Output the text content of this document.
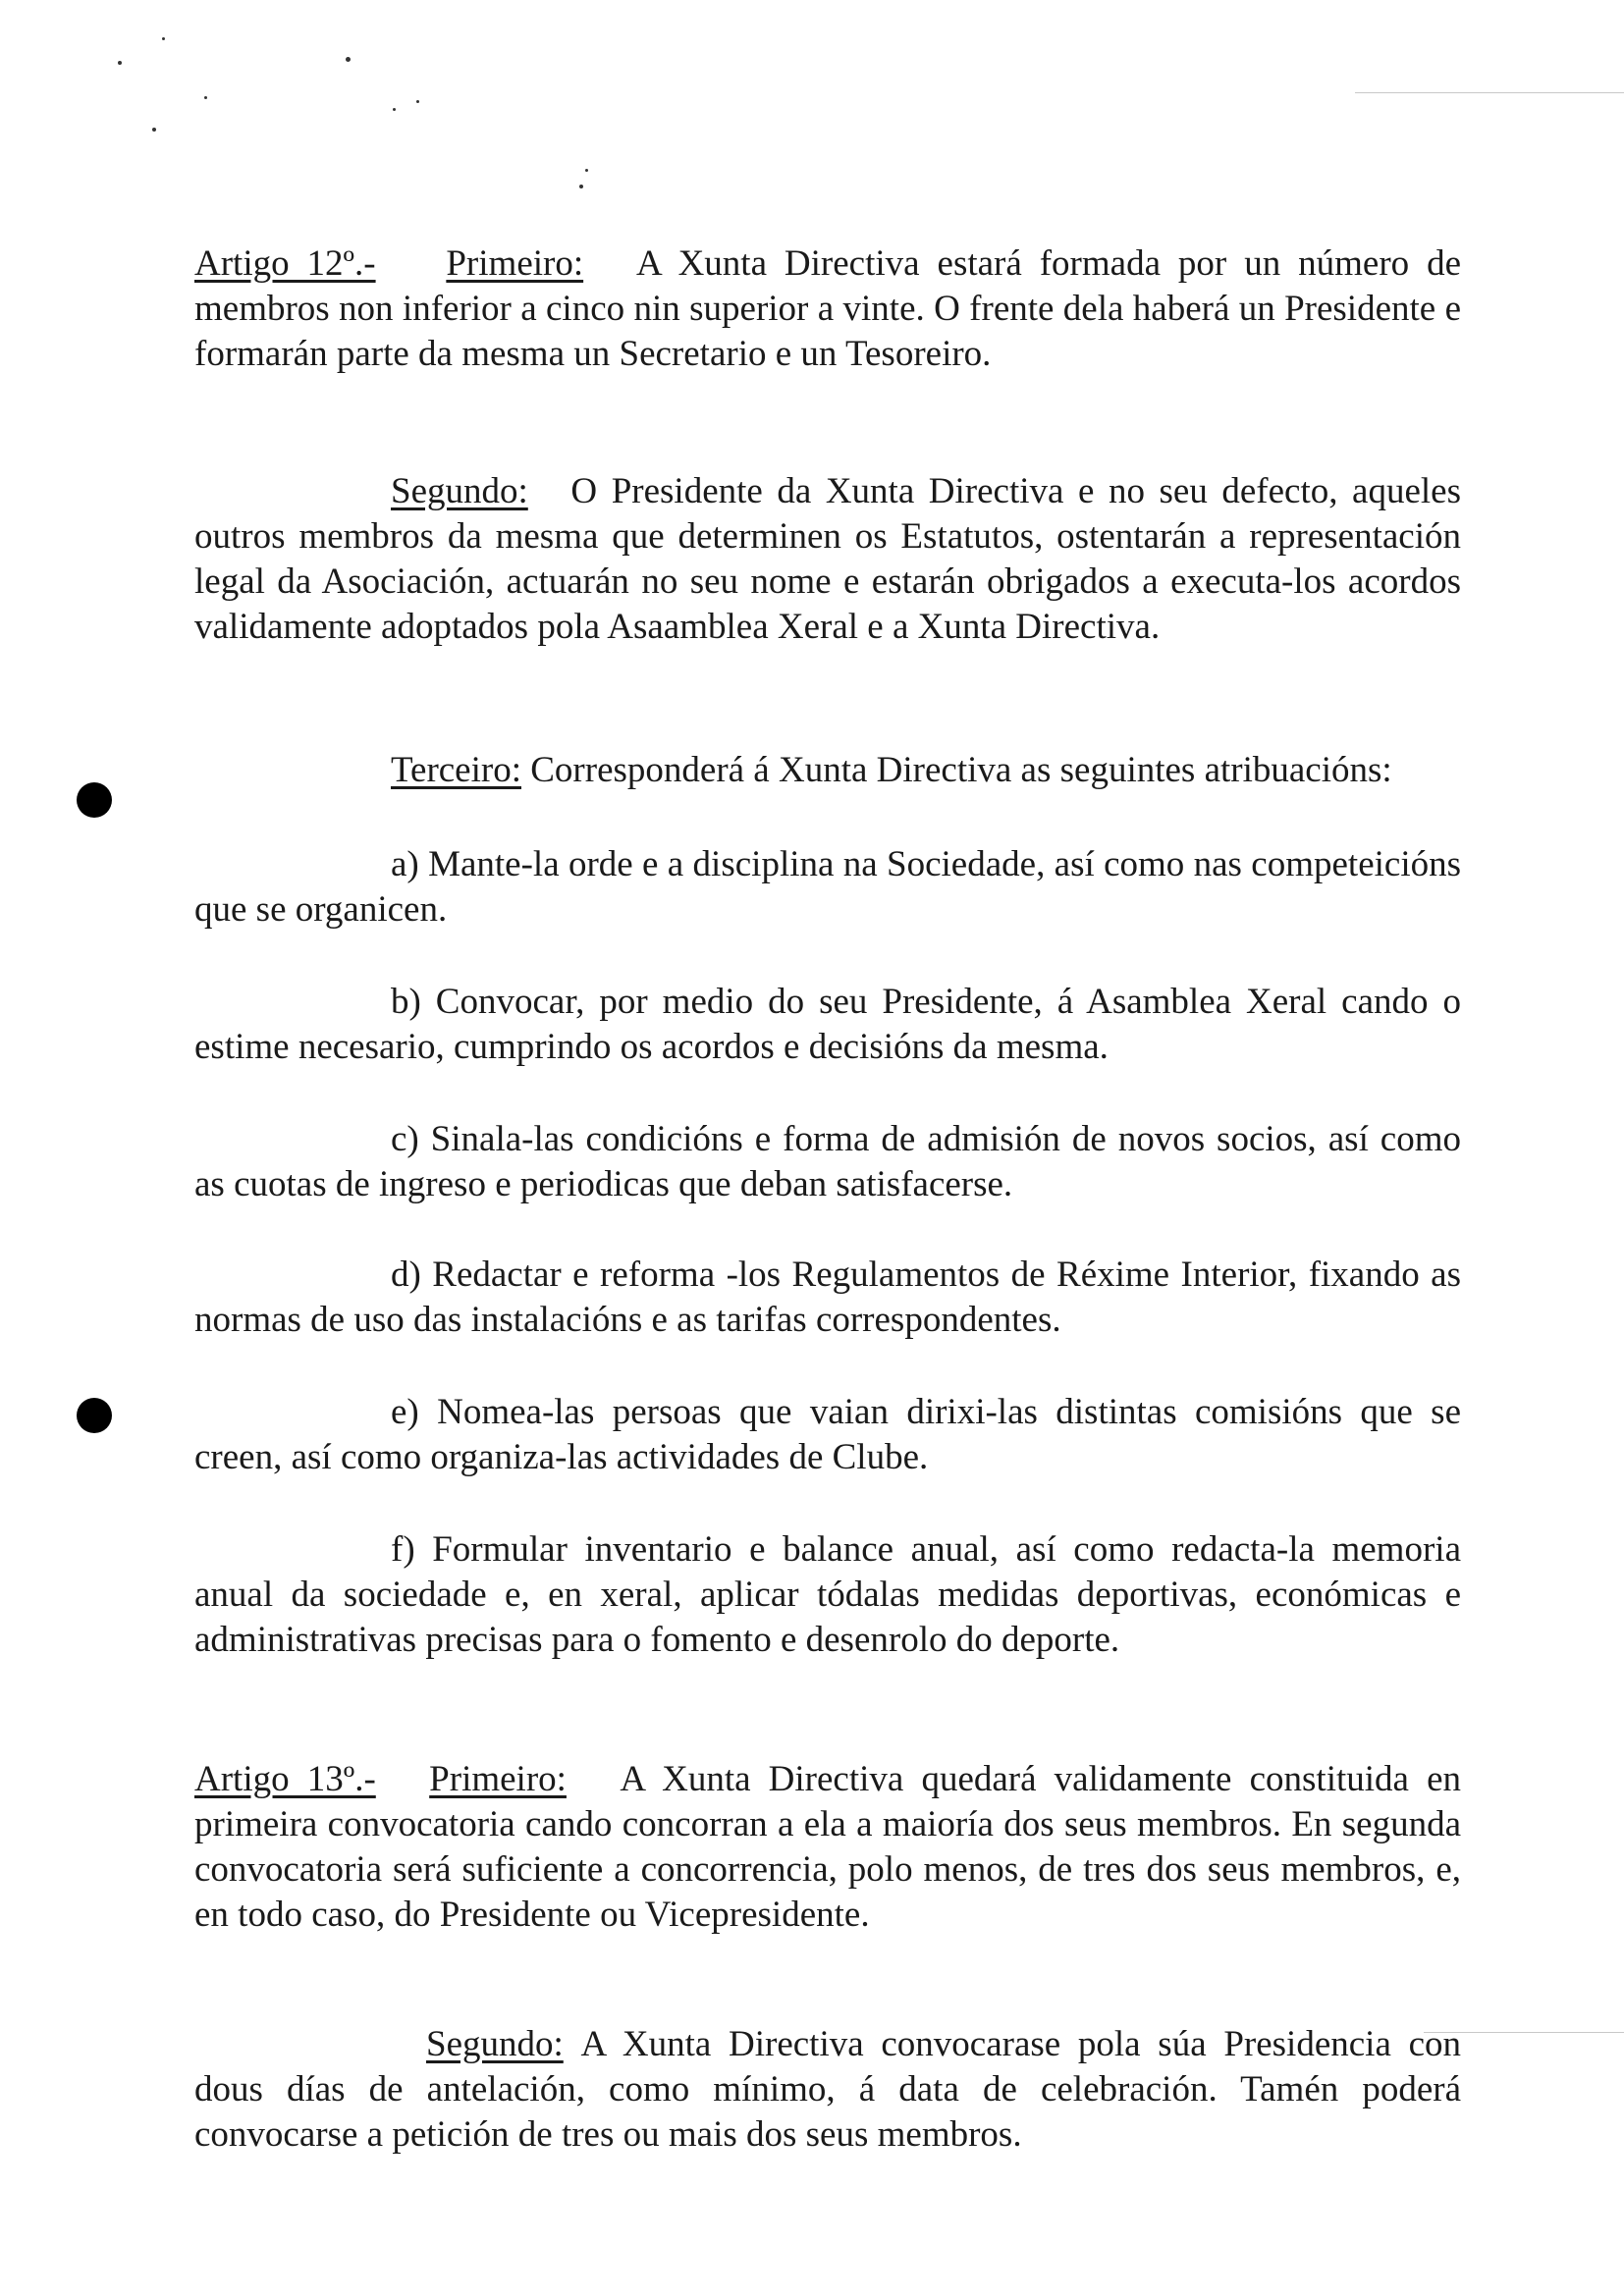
Artigo 12º.- Primeiro: A Xunta Directiva estará formada por un número de membros non inferior a cinco nin superior a vinte. O frente dela haberá un Presidente e formarán parte da mesma un Secretario e un Tesoreiro.

Segundo: O Presidente da Xunta Directiva e no seu defecto, aqueles outros membros da mesma que determinen os Estatutos, ostentarán a representación legal da Asociación, actuarán no seu nome e estarán obrigados a executa-los acordos validamente adoptados pola Asaamblea Xeral e a Xunta Directiva.

Terceiro: Corresponderá á Xunta Directiva as seguintes atribuacións:

a) Mante-la orde e a disciplina na Sociedade, así como nas competeicións que se organicen.

b) Convocar, por medio do seu Presidente, á Asamblea Xeral cando o estime necesario, cumprindo os acordos e decisións da mesma.

c) Sinala-las condicións e forma de admisión de novos socios, así como as cuotas de ingreso e periodicas que deban satisfacerse.

d) Redactar e reforma -los Regulamentos de Réxime Interior, fixando as normas de uso das instalacións e as tarifas correspondentes.

e) Nomea-las persoas que vaian dirixi-las distintas comisións que se creen, así como organiza-las actividades de Clube.

f) Formular inventario e balance anual, así como redacta-la memoria anual da sociedade e, en xeral, aplicar tódalas medidas deportivas, económicas e administrativas precisas para o fomento e desenrolo do deporte.

Artigo 13º.- Primeiro: A Xunta Directiva quedará validamente constituida en primeira convocatoria cando concorran a ela a maioría dos seus membros. En segunda convocatoria será suficiente a concorrencia, polo menos, de tres dos seus membros, e, en todo caso, do Presidente ou Vicepresidente.

Segundo: A Xunta Directiva convocarase pola súa Presidencia con dous días de antelación, como mínimo, á data de celebración. Tamén poderá convocarse a petición de tres ou mais dos seus membros.
